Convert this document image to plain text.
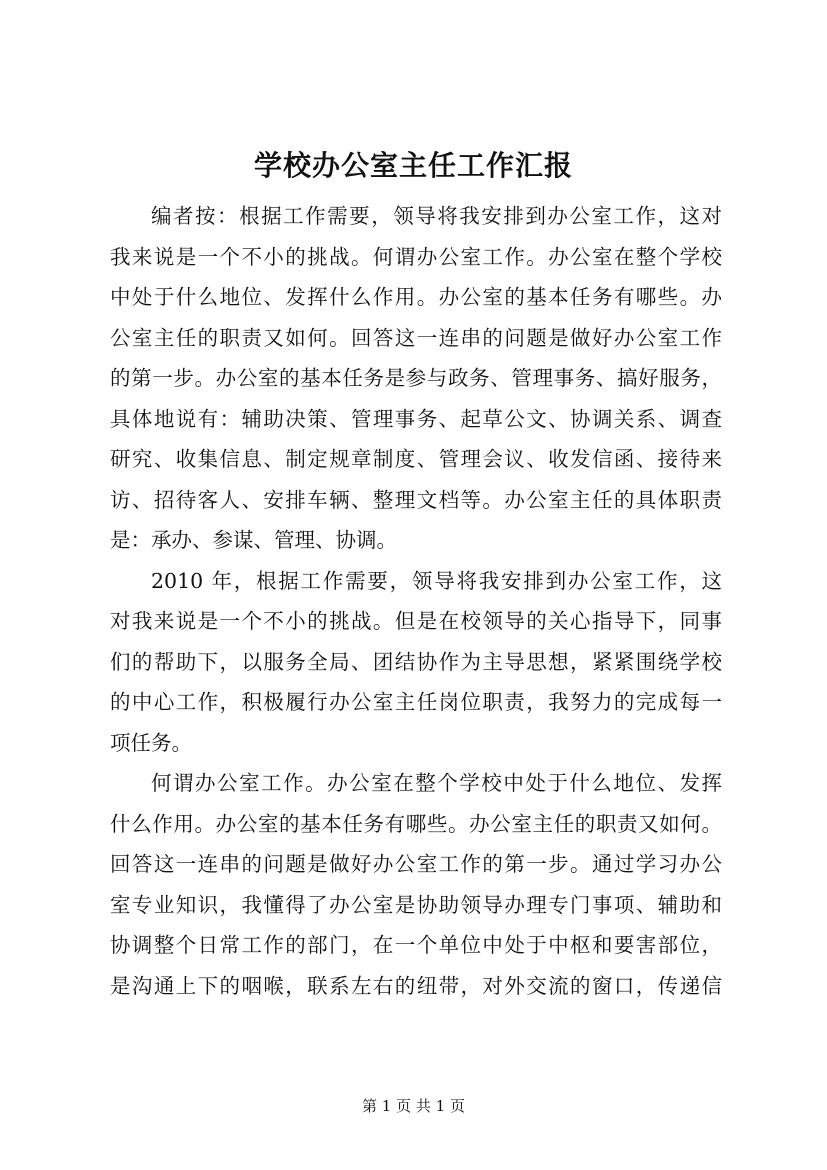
学校办公室主任工作汇报
编者按：根据工作需要，领导将我安排到办公室工作，这对
我来说是一个不小的挑战。何谓办公室工作。办公室在整个学校
中处于什么地位、发挥什么作用。办公室的基本任务有哪些。办
公室主任的职责又如何。回答这一连串的问题是做好办公室工作
的第一步。办公室的基本任务是参与政务、管理事务、搞好服务，
具体地说有：辅助决策、管理事务、起草公文、协调关系、调查
研究、收集信息、制定规章制度、管理会议、收发信函、接待来
访、招待客人、安排车辆、整理文档等。办公室主任的具体职责
是：承办、参谋、管理、协调。
2010 年，根据工作需要，领导将我安排到办公室工作，这
对我来说是一个不小的挑战。但是在校领导的关心指导下，同事
们的帮助下，以服务全局、团结协作为主导思想，紧紧围绕学校
的中心工作，积极履行办公室主任岗位职责，我努力的完成每一
项任务。
何谓办公室工作。办公室在整个学校中处于什么地位、发挥
什么作用。办公室的基本任务有哪些。办公室主任的职责又如何。
回答这一连串的问题是做好办公室工作的第一步。通过学习办公
室专业知识，我懂得了办公室是协助领导办理专门事项、辅助和
协调整个日常工作的部门，在一个单位中处于中枢和要害部位，
是沟通上下的咽喉，联系左右的纽带，对外交流的窗口，传递信
第 1 页 共 1 页
